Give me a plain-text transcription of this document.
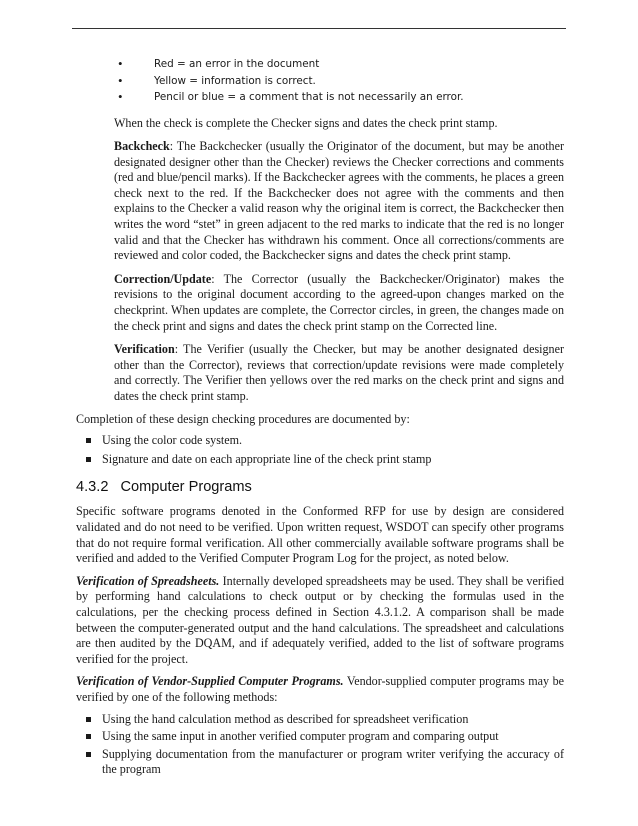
•	Red = an error in the document
•	Yellow = information is correct.
•	Pencil or blue = a comment that is not necessarily an error.

When the check is complete the Checker signs and dates the check print stamp.

Backcheck: The Backchecker (usually the Originator of the document, but may be another designated designer other than the Checker) reviews the Checker corrections and comments (red and blue/pencil marks). If the Backchecker agrees with the comments, he places a green check next to the red. If the Backchecker does not agree with the comments and then explains to the Checker a valid reason why the original item is correct, the Backchecker then writes the word “stet” in green adjacent to the red marks to indicate that the red is no longer valid and that the Checker has withdrawn his comment. Once all corrections/comments are reviewed and color coded, the Backchecker signs and dates the check print stamp.

Correction/Update: The Corrector (usually the Backchecker/Originator) makes the revisions to the original document according to the agreed-upon changes marked on the checkprint. When updates are complete, the Corrector circles, in green, the changes made on the check print and signs and dates the check print stamp on the Corrected line.

Verification: The Verifier (usually the Checker, but may be another designated designer other than the Corrector), reviews that correction/update revisions were made completely and correctly. The Verifier then yellows over the red marks on the check print and signs and dates the check print stamp.

Completion of these design checking procedures are documented by:

Using the color code system.
Signature and date on each appropriate line of the check print stamp
4.3.2 Computer Programs

Specific software programs denoted in the Conformed RFP for use by design are considered validated and do not need to be verified. Upon written request, WSDOT can specify other programs that do not require formal verification. All other commercially available software programs shall be verified and added to the Verified Computer Program Log for the project, as noted below.

Verification of Spreadsheets. Internally developed spreadsheets may be used. They shall be verified by performing hand calculations to check output or by checking the formulas used in the calculations, per the checking process defined in Section 4.3.1.2. A comparison shall be made between the computer-generated output and the hand calculations. The spreadsheet and calculations are then audited by the DQAM, and if adequately verified, added to the list of software programs verified for the project.

Verification of Vendor-Supplied Computer Programs. Vendor-supplied computer programs may be verified by one of the following methods:

Using the hand calculation method as described for spreadsheet verification
Using the same input in another verified computer program and comparing output
Supplying documentation from the manufacturer or program writer verifying the accuracy of the program
